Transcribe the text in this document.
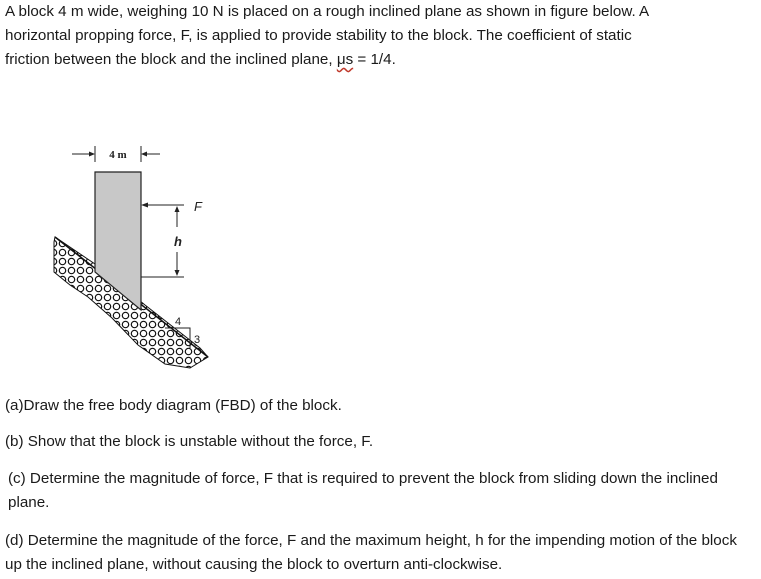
A block 4 m wide, weighing 10 N is placed on a rough inclined plane as shown in figure below. A
horizontal propping force, F, is applied to provide stability to the block. The coefficient of static
friction between the block and the inclined plane, μs = 1/4.
4 m
F
h
4
3
(a)Draw the free body diagram (FBD) of the block.
(b) Show that the block is unstable without the force, F.
(c) Determine the magnitude of force, F that is required to prevent the block from sliding down the inclined plane.
(d) Determine the magnitude of the force, F and the maximum height, h for the impending motion of the block up the inclined plane, without causing the block to overturn anti-clockwise.
